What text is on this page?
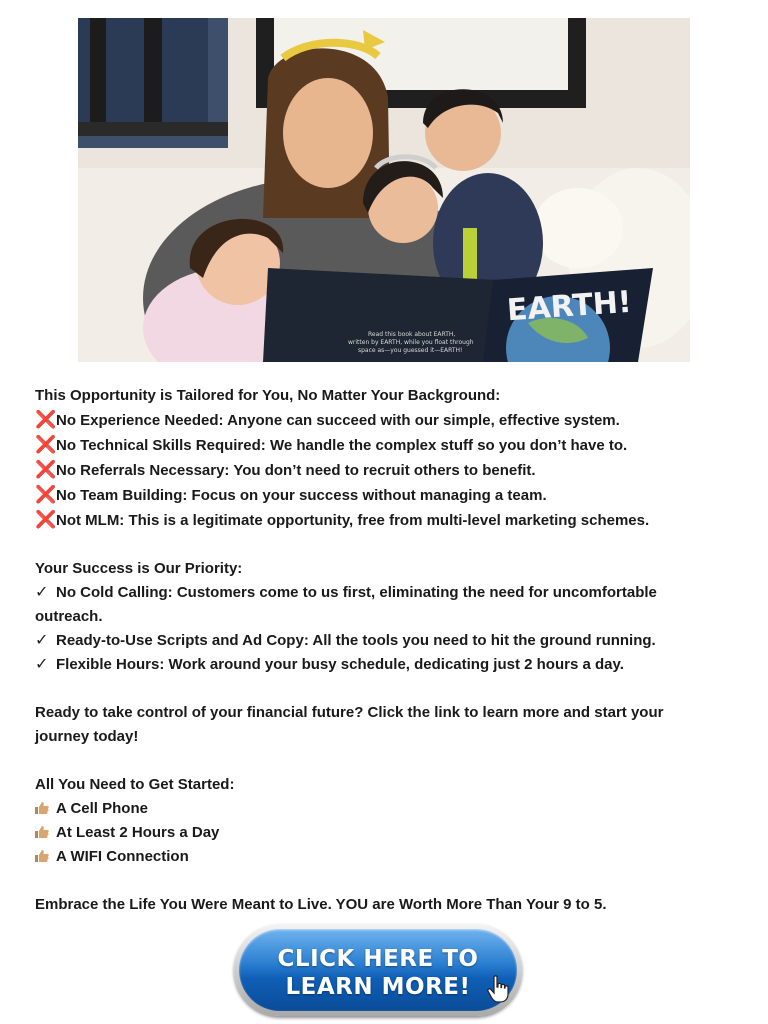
EARTH!
Read this book about EARTH,
written by EARTH, while you float through
space as—you guessed it—EARTH!
This Opportunity is Tailored for You, No Matter Your Background:
❌No Experience Needed: Anyone can succeed with our simple, effective system.
❌No Technical Skills Required: We handle the complex stuff so you don’t have to.
❌No Referrals Necessary: You don’t need to recruit others to benefit.
❌No Team Building: Focus on your success without managing a team.
❌Not MLM: This is a legitimate opportunity, free from multi-level marketing schemes.
Your Success is Our Priority:
✓ No Cold Calling: Customers come to us first, eliminating the need for uncomfortable
outreach.
✓ Ready-to-Use Scripts and Ad Copy: All the tools you need to hit the ground running.
✓ Flexible Hours: Work around your busy schedule, dedicating just 2 hours a day.
Ready to take control of your financial future? Click the link to learn more and start your
journey today!
All You Need to Get Started:
A Cell Phone
At Least 2 Hours a Day
A WIFI Connection
Embrace the Life You Were Meant to Live. YOU are Worth More Than Your 9 to 5.
CLICK HERE TO
LEARN MORE!
